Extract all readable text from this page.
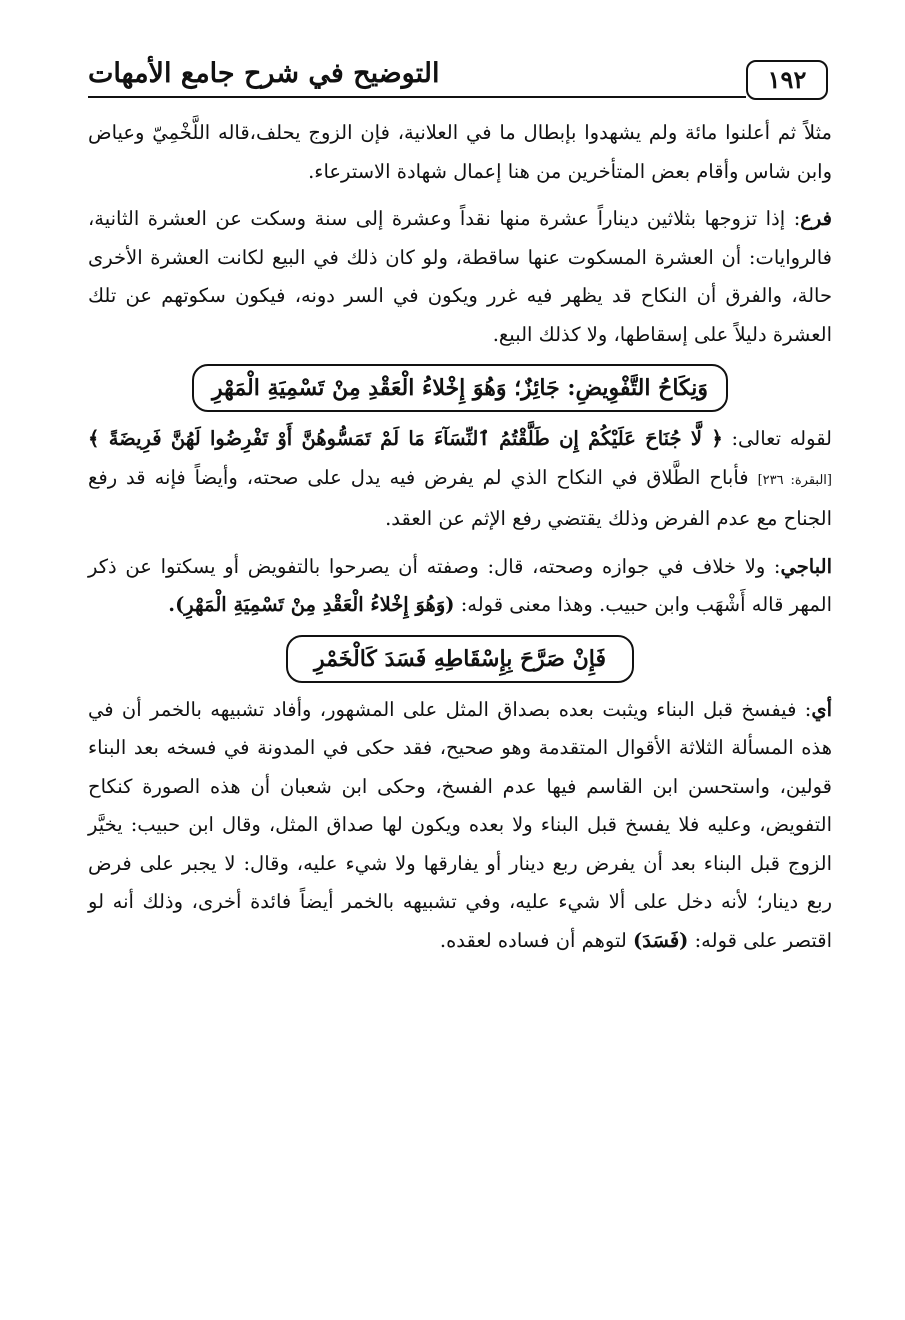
١٩٢
التوضيح في شرح جامع الأمهات

مثلاً ثم أعلنوا مائة ولم يشهدوا بإبطال ما في العلانية، فإن الزوج يحلف،قاله اللَّخْمِيّ وعياض وابن شاس وأقام بعض المتأخرين من هنا إعمال شهادة الاسترعاء.

فرع: إذا تزوجها بثلاثين ديناراً عشرة منها نقداً وعشرة إلى سنة وسكت عن العشرة الثانية، فالروايات: أن العشرة المسكوت عنها ساقطة، ولو كان ذلك في البيع لكانت العشرة الأخرى حالة، والفرق أن النكاح قد يظهر فيه غرر ويكون في السر دونه، فيكون سكوتهم عن تلك العشرة دليلاً على إسقاطها، ولا كذلك البيع.

وَنِكَاحُ التَّفْوِيضِ: جَائِزٌ؛ وَهُوَ إِخْلاءُ الْعَقْدِ مِنْ تَسْمِيَةِ الْمَهْرِ

لقوله تعالى: ﴿ لَّا جُنَاحَ عَلَيْكُمْ إِن طَلَّقْتُمُ ٱلنِّسَآءَ مَا لَمْ تَمَسُّوهُنَّ أَوْ تَفْرِضُوا لَهُنَّ فَرِيضَةً ﴾ [البقرة: ٢٣٦] فأباح الطَّلاق في النكاح الذي لم يفرض فيه يدل على صحته، وأيضاً فإنه قد رفع الجناح مع عدم الفرض وذلك يقتضي رفع الإثم عن العقد.

الباجي: ولا خلاف في جوازه وصحته، قال: وصفته أن يصرحوا بالتفويض أو يسكتوا عن ذكر المهر قاله أَشْهَب وابن حبيب. وهذا معنى قوله: (وَهُوَ إِخْلاءُ الْعَقْدِ مِنْ تَسْمِيَةِ الْمَهْرِ).

فَإِنْ صَرَّحَ بِإِسْقَاطِهِ فَسَدَ كَالْخَمْرِ

أي: فيفسخ قبل البناء ويثبت بعده بصداق المثل على المشهور، وأفاد تشبيهه بالخمر أن في هذه المسألة الثلاثة الأقوال المتقدمة وهو صحيح، فقد حكى في المدونة في فسخه بعد البناء قولين، واستحسن ابن القاسم فيها عدم الفسخ، وحكى ابن شعبان أن هذه الصورة كنكاح التفويض، وعليه فلا يفسخ قبل البناء ولا بعده ويكون لها صداق المثل، وقال ابن حبيب: يخيَّر الزوج قبل البناء بعد أن يفرض ربع دينار أو يفارقها ولا شيء عليه، وقال: لا يجبر على فرض ربع دينار؛ لأنه دخل على ألا شيء عليه، وفي تشبيهه بالخمر أيضاً فائدة أخرى، وذلك أنه لو اقتصر على قوله: (فَسَدَ) لتوهم أن فساده لعقده.
